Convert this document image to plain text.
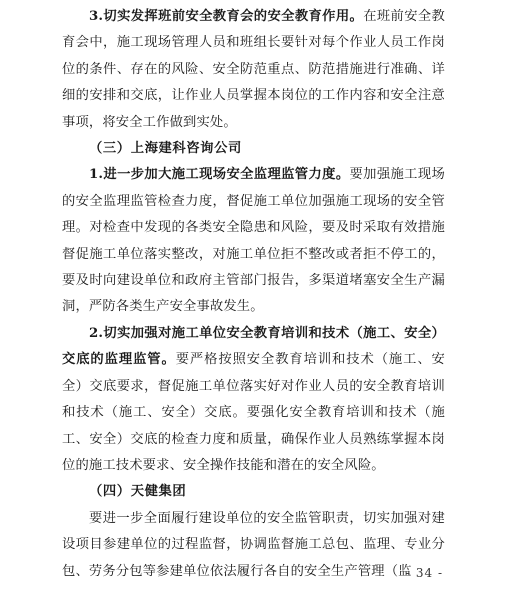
3.切实发挥班前安全教育会的安全教育作用。在班前安全教育会中，施工现场管理人员和班组长要针对每个作业人员工作岗位的条件、存在的风险、安全防范重点、防范措施进行准确、详细的安排和交底，让作业人员掌握本岗位的工作内容和安全注意事项，将安全工作做到实处。

（三）上海建科咨询公司

1.进一步加大施工现场安全监理监管力度。要加强施工现场的安全监理监管检查力度，督促施工单位加强施工现场的安全管理。对检查中发现的各类安全隐患和风险，要及时采取有效措施督促施工单位落实整改，对施工单位拒不整改或者拒不停工的，要及时向建设单位和政府主管部门报告，多渠道堵塞安全生产漏洞，严防各类生产安全事故发生。

2.切实加强对施工单位安全教育培训和技术（施工、安全）交底的监理监管。要严格按照安全教育培训和技术（施工、安全）交底要求，督促施工单位落实好对作业人员的安全教育培训和技术（施工、安全）交底。要强化安全教育培训和技术（施工、安全）交底的检查力度和质量，确保作业人员熟练掌握本岗位的施工技术要求、安全操作技能和潜在的安全风险。

（四）天健集团

要进一步全面履行建设单位的安全监管职责，切实加强对建设项目参建单位的过程监督，协调监督施工总包、监理、专业分包、劳务分包等参建单位依法履行各自的安全生产管理（监

- 34 -
